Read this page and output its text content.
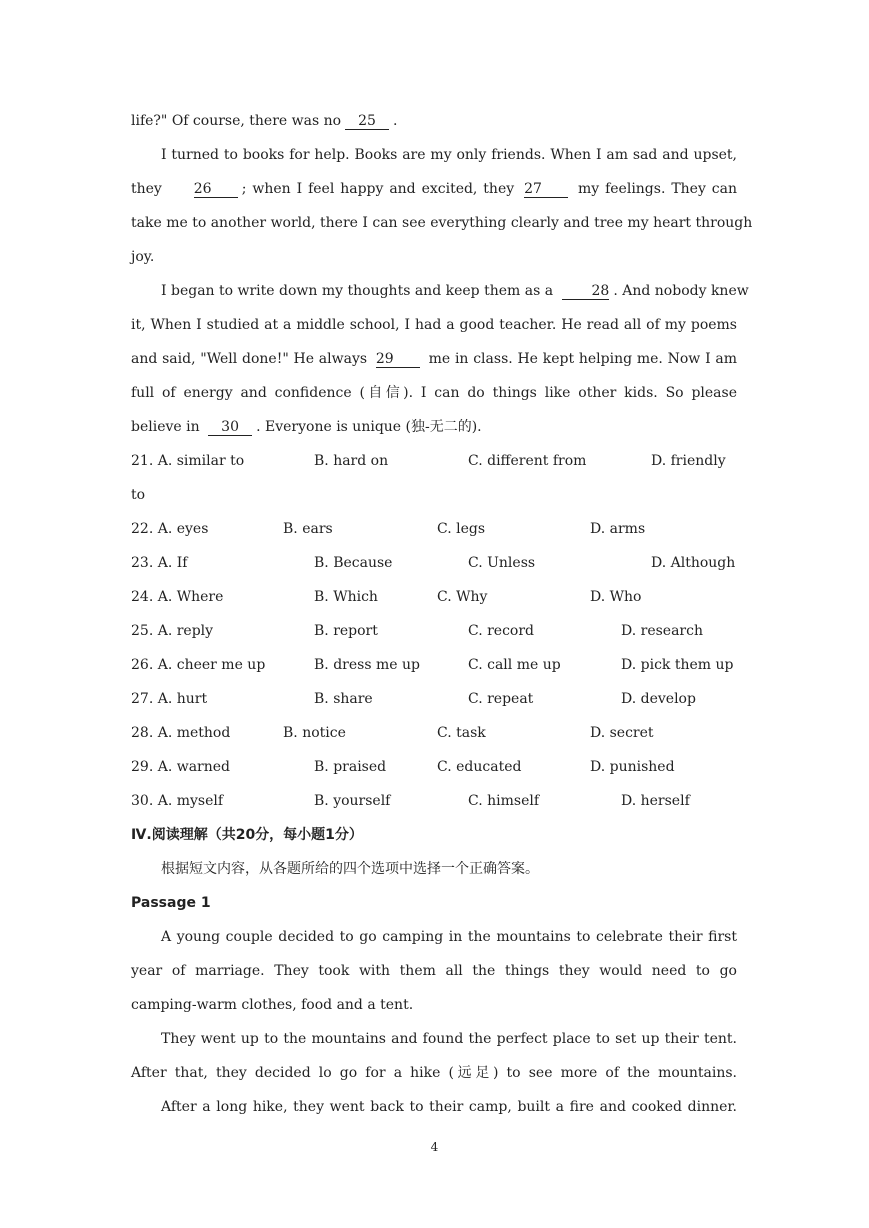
life?" Of course, there was no 25 .
I turned to books for help. Books are my only friends. When I am sad and upset,
they 26 ; when I feel happy and excited, they 27	my feelings. They can
take me to another world, there I can see everything clearly and tree my heart through
joy.
I began to write down my thoughts and keep them as a	28 . And nobody knew
it, When I studied at a middle school, I had a good teacher. He read all of my poems
and said, "Well done!" He always 29 me in class. He kept helping me. Now I am
full of energy and confidence (自信). I can do things like other kids. So please
believe in 30 . Everyone is unique (独-无二的).
21. A. similar to	B. hard on	C. different from	D. friendly
to
22. A. eyes	B. ears	C. legs	D. arms
23. A. If	B. Because	C. Unless	D. Although
24. A. Where	B. Which	C. Why	D. Who
25. A. reply	B. report	C. record	D. research
26. A. cheer me up	B. dress me up	C. call me up	D. pick them up
27. A. hurt	B. share	C. repeat	D. develop
28. A. method	B. notice	C. task	D. secret
29. A. warned	B. praised	C. educated	D. punished
30. A. myself	B. yourself	C. himself	D. herself
Ⅳ.阅读理解（共20分，每小题1分）
根据短文内容，从各题所给的四个选项中选择一个正确答案。
Passage 1
A young couple decided to go camping in the mountains to celebrate their first
year of marriage. They took with them all the things they would need to go
camping-warm clothes, food and a tent.
They went up to the mountains and found the perfect place to set up their tent.
After that, they decided lo go for a hike (远足) to see more of the mountains.
After a long hike, they went back to their camp, built a fire and cooked dinner.
4
